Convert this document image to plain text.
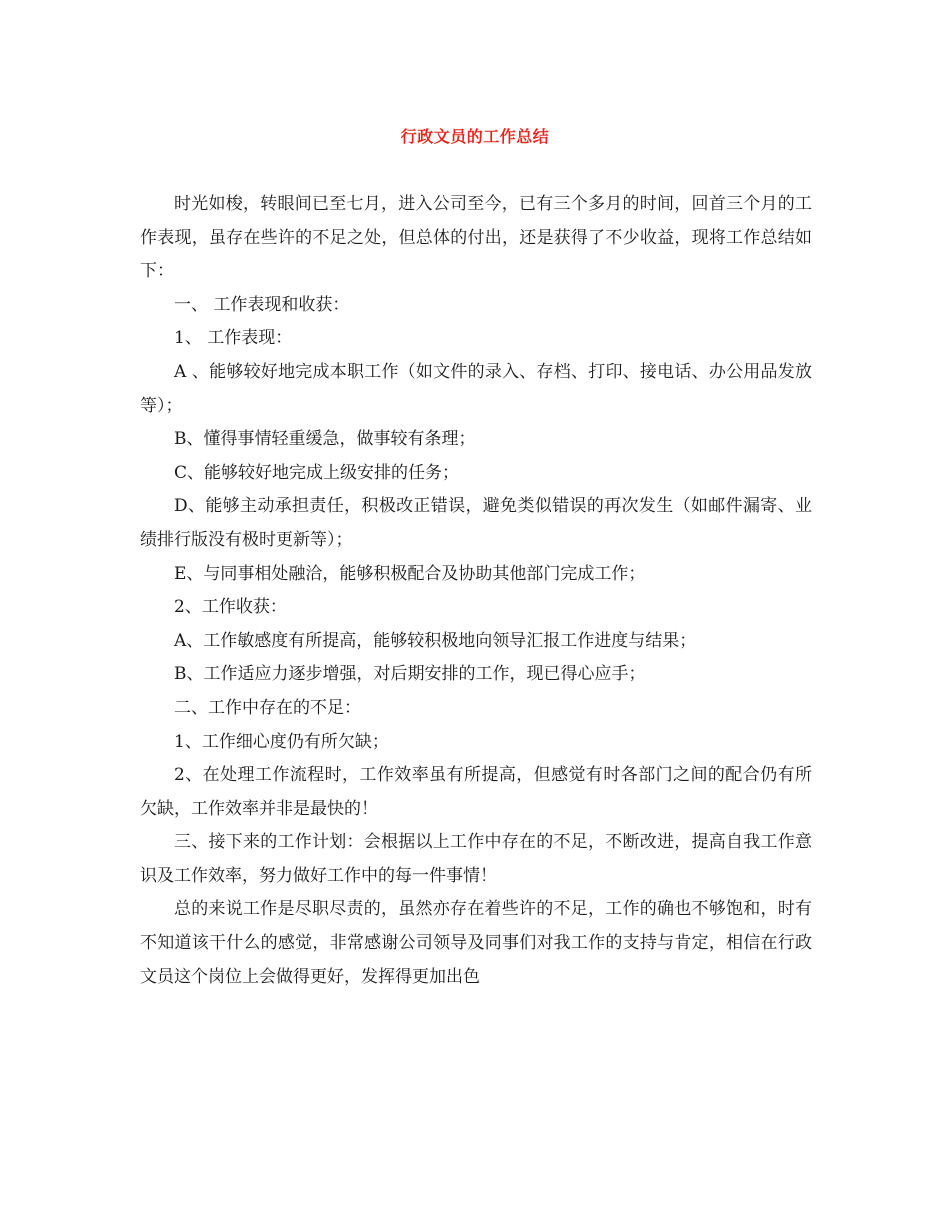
行政文员的工作总结

时光如梭，转眼间已至七月，进入公司至今，已有三个多月的时间，回首三个月的工作表现，虽存在些许的不足之处，但总体的付出，还是获得了不少收益，现将工作总结如下：

一、 工作表现和收获：

1、 工作表现：

A 、能够较好地完成本职工作（如文件的录入、存档、打印、接电话、办公用品发放等）；

B、懂得事情轻重缓急，做事较有条理；

C、能够较好地完成上级安排的任务；

D、能够主动承担责任，积极改正错误，避免类似错误的再次发生（如邮件漏寄、业绩排行版没有极时更新等）；

E、与同事相处融洽，能够积极配合及协助其他部门完成工作；

2、工作收获：

A、工作敏感度有所提高，能够较积极地向领导汇报工作进度与结果；

B、工作适应力逐步增强，对后期安排的工作，现已得心应手；

二、工作中存在的不足：

1、工作细心度仍有所欠缺；

2、在处理工作流程时，工作效率虽有所提高，但感觉有时各部门之间的配合仍有所欠缺，工作效率并非是最快的！

三、接下来的工作计划：会根据以上工作中存在的不足，不断改进，提高自我工作意识及工作效率，努力做好工作中的每一件事情！

总的来说工作是尽职尽责的，虽然亦存在着些许的不足，工作的确也不够饱和，时有不知道该干什么的感觉，非常感谢公司领导及同事们对我工作的支持与肯定，相信在行政文员这个岗位上会做得更好，发挥得更加出色
